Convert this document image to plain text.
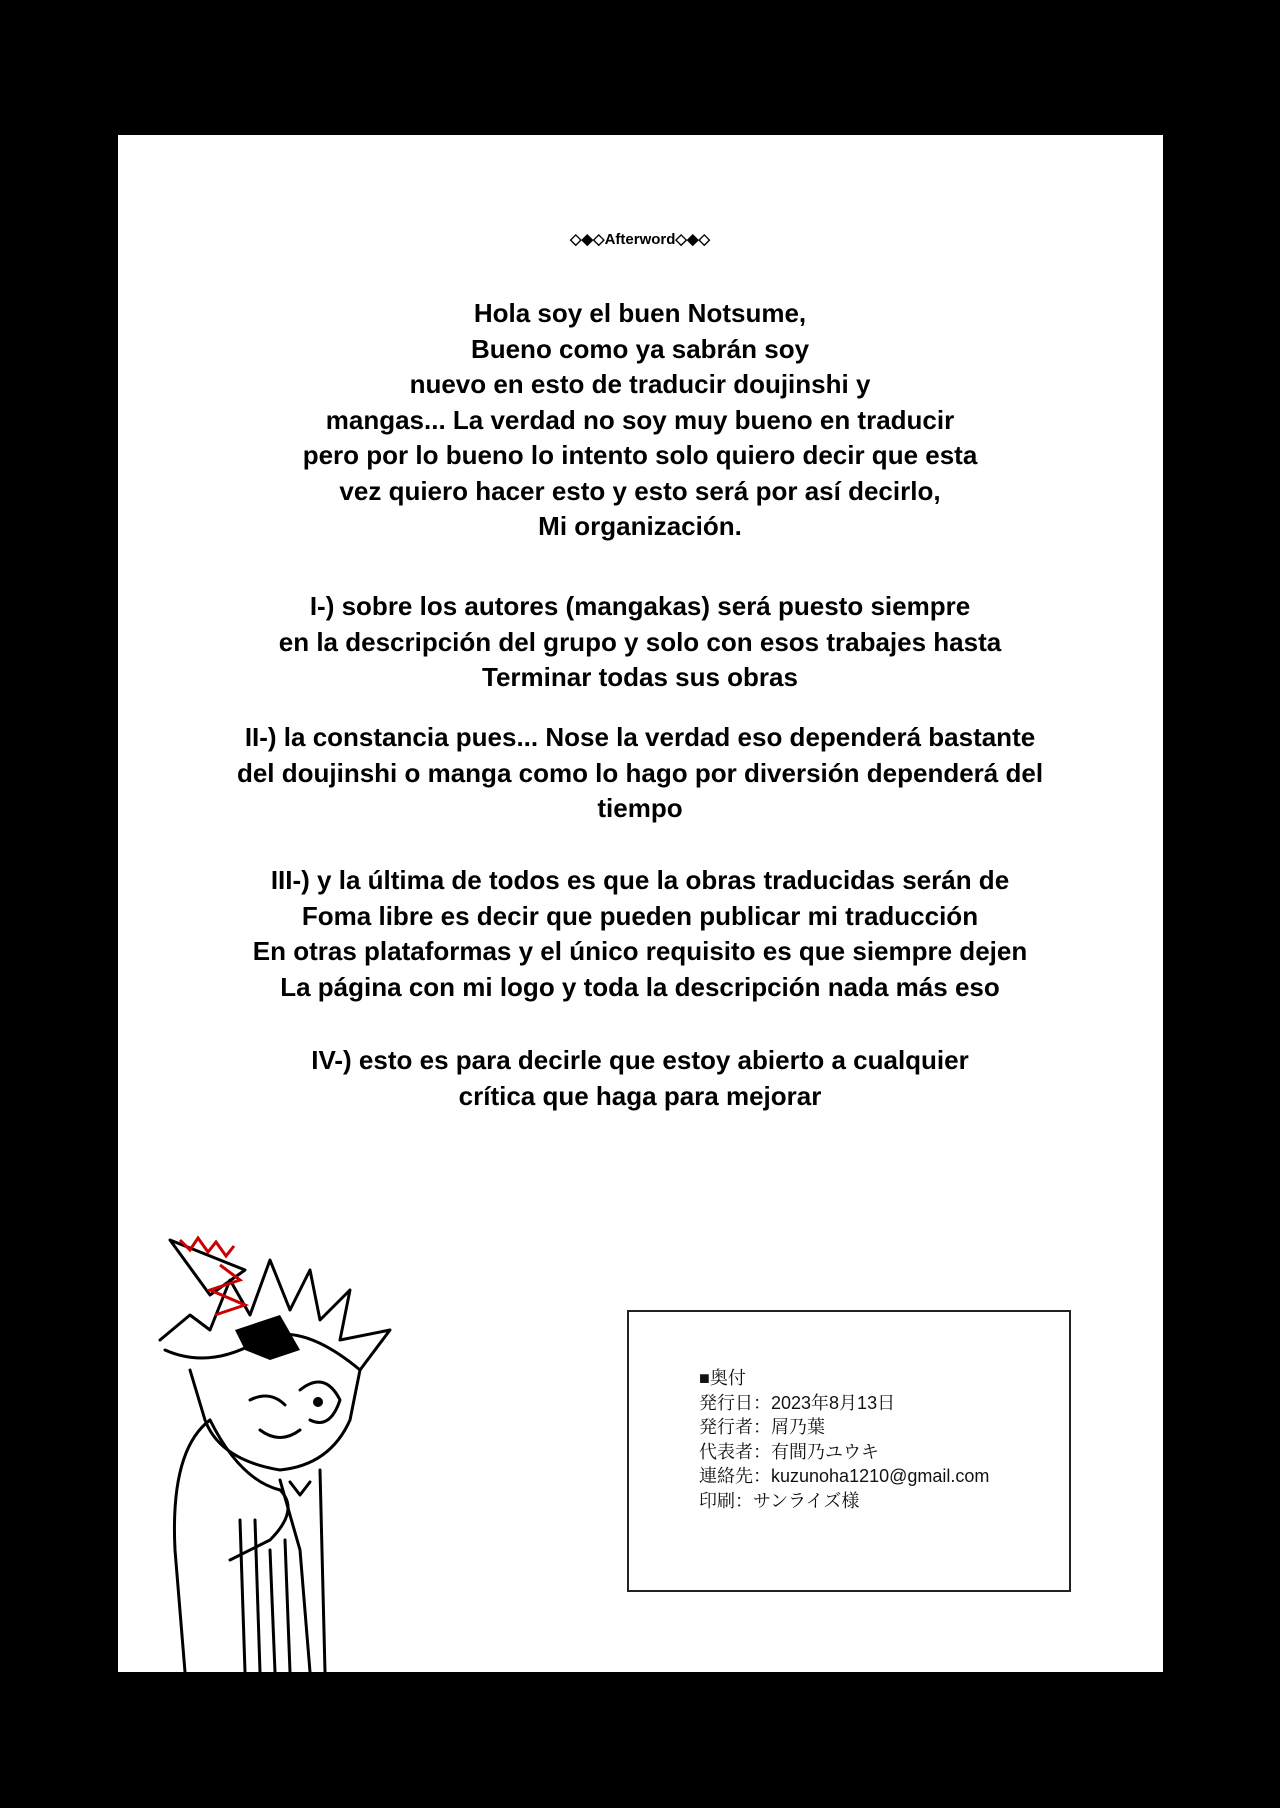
◇◆◇Afterword◇◆◇
Hola soy el buen Notsume,
Bueno como ya sabrán soy
nuevo en esto de traducir doujinshi y
mangas... La verdad no soy muy bueno en traducir
pero por lo bueno lo intento solo quiero decir que esta
vez quiero hacer esto y esto será por así decirlo,
Mi organización.
I-) sobre los autores (mangakas) será puesto siempre
en la descripción del grupo y solo con esos trabajes hasta
Terminar todas sus obras
II-) la constancia pues... Nose la verdad eso dependerá bastante
del doujinshi o manga como lo hago por diversión dependerá del
tiempo
III-) y la última de todos es que la obras traducidas serán de
Foma libre es decir que pueden publicar mi traducción
En otras plataformas y el único requisito es que siempre dejen
La página con mi logo y toda la descripción nada más eso
IV-) esto es para decirle que estoy abierto a cualquier
crítica que haga para mejorar
■奥付
発行日：2023年8月13日
発行者：屑乃葉
代表者：有間乃ユウキ
連絡先：kuzunoha1210@gmail.com
印刷：サンライズ様
